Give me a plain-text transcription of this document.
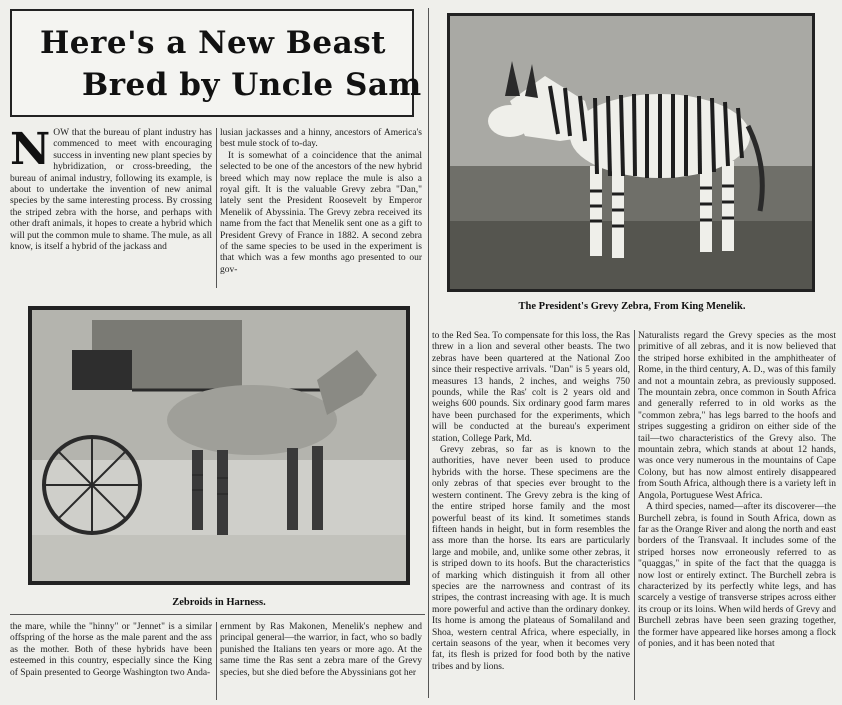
Here's a New Beast
Bred by Uncle Sam
NOW that the bureau of plant industry has commenced to meet with encouraging success in inventing new plant species by hybridization, or cross-breeding, the bureau of animal industry, following its example, is about to undertake the invention of new animal species by the same interesting process. By crossing the striped zebra with the horse, and perhaps with other draft animals, it hopes to create a hybrid which will put the common mule to shame. The mule, as all know, is itself a hybrid of the jackass and
lusian jackasses and a hinny, ancestors of America's best mule stock of to-day.
It is somewhat of a coincidence that the animal selected to be one of the ancestors of the new hybrid breed which may now replace the mule is also a royal gift. It is the valuable Grevy zebra "Dan," lately sent the President Roosevelt by Emperor Menelik of Abyssinia. The Grevy zebra received its name from the fact that Menelik sent one as a gift to President Grevy of France in 1882. A second zebra of the same species to be used in the experiment is that which was a few months ago presented to our gov-
The President's Grevy Zebra, From King Menelik.
Zebroids in Harness.
the mare, while the "hinny" or "Jennet" is a similar offspring of the horse as the male parent and the ass as the mother. Both of these hybrids have been esteemed in this country, especially since the King of Spain presented to George Washington two Anda-
ernment by Ras Makonen, Menelik's nephew and principal general—the warrior, in fact, who so badly punished the Italians ten years or more ago. At the same time the Ras sent a zebra mare of the Grevy species, but she died before the Abyssinians got her
to the Red Sea. To compensate for this loss, the Ras threw in a lion and several other beasts. The two zebras have been quartered at the National Zoo since their respective arrivals. "Dan" is 5 years old, measures 13 hands, 2 inches, and weighs 750 pounds, while the Ras' colt is 2 years old and weighs 600 pounds. Six ordinary good farm mares have been purchased for the experiments, which will be conducted at the bureau's experiment station, College Park, Md.
Grevy zebras, so far as is known to the authorities, have never been used to produce hybrids with the horse. These specimens are the only zebras of that species ever brought to the western continent. The Grevy zebra is the king of the entire striped horse family and the most powerful beast of its kind. It sometimes stands fifteen hands in height, but in form resembles the ass more than the horse. Its ears are particularly large and mobile, and, unlike some other zebras, it is striped down to its hoofs. But the characteristics of marking which distinguish it from all other species are the narrowness and contrast of its stripes, the contrast increasing with age. It is much more powerful and active than the ordinary donkey. Its home is among the plateaus of Somaliland and Shoa, western central Africa, where especially, in certain seasons of the year, when it becomes very fat, its flesh is prized for food both by the native tribes and by lions.
Naturalists regard the Grevy species as the most primitive of all zebras, and it is now believed that the striped horse exhibited in the amphitheater of Rome, in the third century, A. D., was of this family and not a mountain zebra, as previously supposed. The mountain zebra, once common in South Africa and generally referred to in old works as the "common zebra," has legs barred to the hoofs and stripes suggesting a gridiron on either side of the tail—two characteristics of the Grevy also. The mountain zebra, which stands at about 12 hands, was once very numerous in the mountains of Cape Colony, but has now almost entirely disappeared from South Africa, although there is a variety left in Angola, Portuguese West Africa.
A third species, named—after its discoverer—the Burchell zebra, is found in South Africa, down as far as the Orange River and along the north and east borders of the Transvaal. It includes some of the striped horses now erroneously referred to as "quaggas," in spite of the fact that the quagga is now lost or entirely extinct. The Burchell zebra is characterized by its perfectly white legs, and has scarcely a vestige of transverse stripes across either its croup or its loins. When wild herds of Grevy and Burchell zebras have been seen grazing together, the former have appeared like horses among a flock of ponies, and it has been noted that
